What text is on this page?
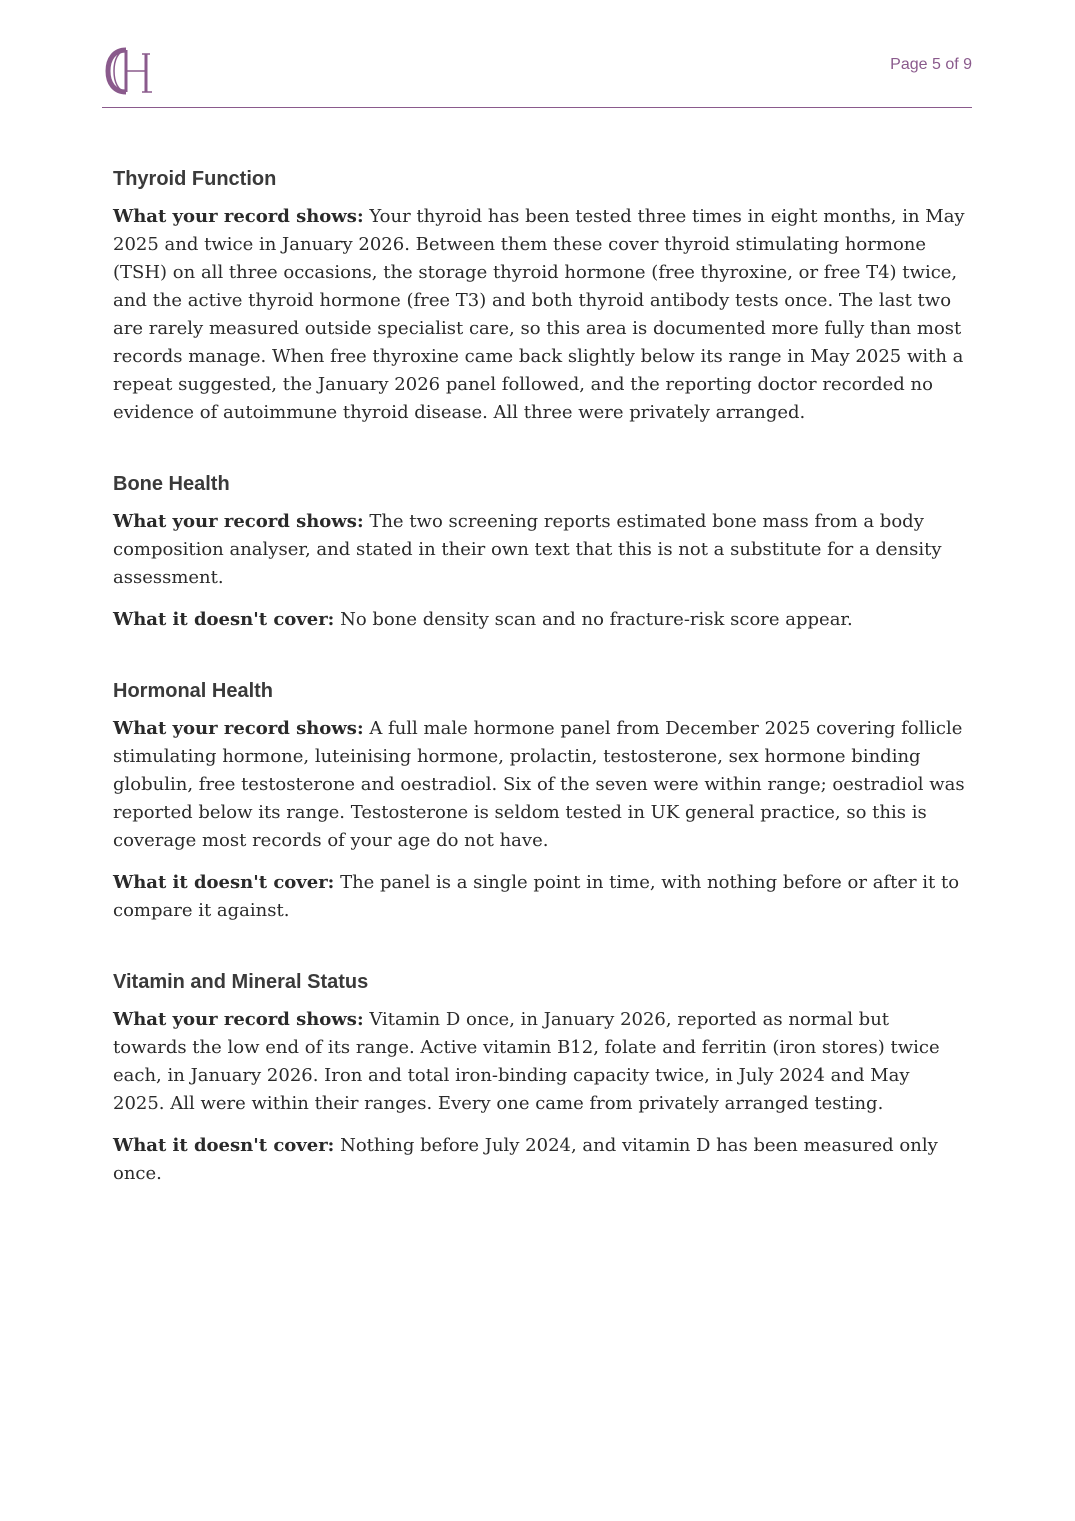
Page 5 of 9
Thyroid Function

What your record shows: Your thyroid has been tested three times in eight months, in May 2025 and twice in January 2026. Between them these cover thyroid stimulating hormone (TSH) on all three occasions, the storage thyroid hormone (free thyroxine, or free T4) twice, and the active thyroid hormone (free T3) and both thyroid antibody tests once. The last two are rarely measured outside specialist care, so this area is documented more fully than most records manage. When free thyroxine came back slightly below its range in May 2025 with a repeat suggested, the January 2026 panel followed, and the reporting doctor recorded no evidence of autoimmune thyroid disease. All three were privately arranged.

Bone Health

What your record shows: The two screening reports estimated bone mass from a body composition analyser, and stated in their own text that this is not a substitute for a density assessment.

What it doesn't cover: No bone density scan and no fracture-risk score appear.

Hormonal Health

What your record shows: A full male hormone panel from December 2025 covering follicle stimulating hormone, luteinising hormone, prolactin, testosterone, sex hormone binding globulin, free testosterone and oestradiol. Six of the seven were within range; oestradiol was reported below its range. Testosterone is seldom tested in UK general practice, so this is coverage most records of your age do not have.

What it doesn't cover: The panel is a single point in time, with nothing before or after it to compare it against.

Vitamin and Mineral Status

What your record shows: Vitamin D once, in January 2026, reported as normal but towards the low end of its range. Active vitamin B12, folate and ferritin (iron stores) twice each, in January 2026. Iron and total iron-binding capacity twice, in July 2024 and May 2025. All were within their ranges. Every one came from privately arranged testing.

What it doesn't cover: Nothing before July 2024, and vitamin D has been measured only once.
